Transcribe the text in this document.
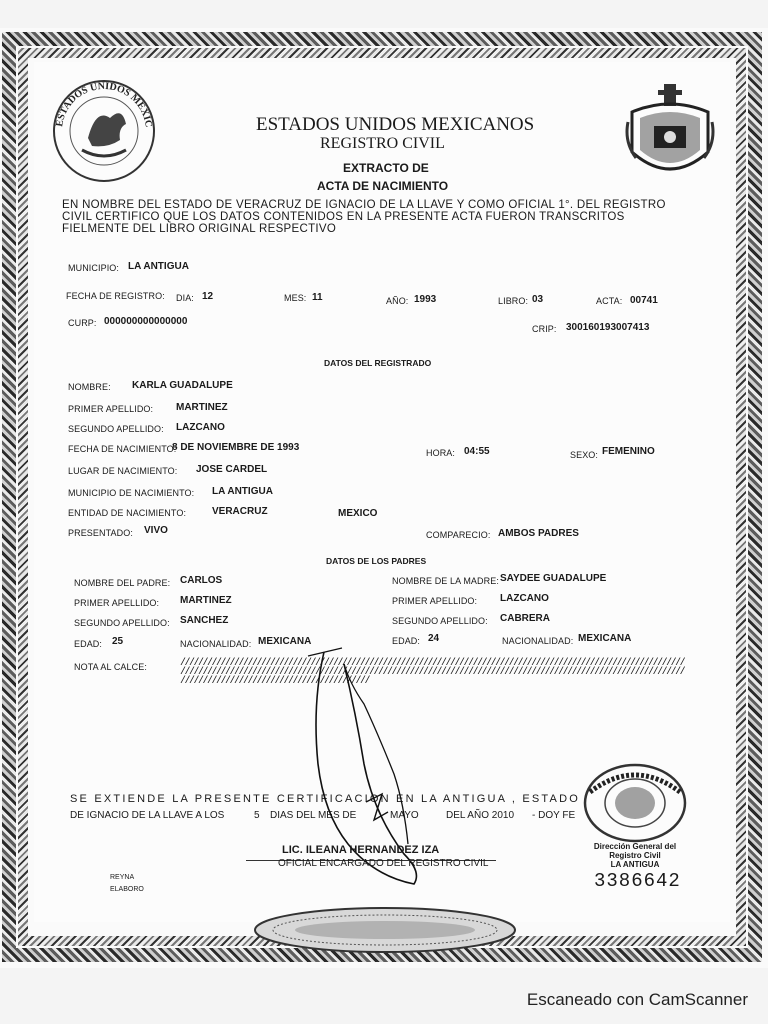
ESTADOS UNIDOS MEXIC	ESTADOS UNIDOS MEXICANOS
REGISTRO CIVIL
EXTRACTO DE
ACTA DE NACIMIENTO
EN NOMBRE DEL ESTADO DE VERACRUZ DE IGNACIO DE LA LLAVE Y COMO OFICIAL 1°. DEL REGISTRO
CIVIL CERTIFICO QUE LOS DATOS CONTENIDOS EN LA PRESENTE ACTA FUERON TRANSCRITOS
FIELMENTE DEL LIBRO ORIGINAL RESPECTIVO
MUNICIPIO: LA ANTIGUA
FECHA DE REGISTRO: DIA: 12	MES: 11	AÑO: 1993	LIBRO: 03	ACTA: 00741
CURP: 000000000000000
CRIP: 300160193007413
DATOS DEL REGISTRADO
NOMBRE: KARLA GUADALUPE
PRIMER APELLIDO: MARTINEZ
SEGUNDO APELLIDO: LAZCANO
FECHA DE NACIMIENTO:
8 DE NOVIEMBRE DE 1993	HORA: 04:55	SEXO: FEMENINO
LUGAR DE NACIMIENTO: JOSE CARDEL
MUNICIPIO DE NACIMIENTO: LA ANTIGUA
ENTIDAD DE NACIMIENTO:	VERACRUZ	MEXICO
PRESENTADO: VIVO	COMPARECIO: AMBOS PADRES
DATOS DE LOS PADRES
NOMBRE DEL PADRE: CARLOS
PRIMER APELLIDO: MARTINEZ
SEGUNDO APELLIDO: SANCHEZ
EDAD: 25	NACIONALIDAD: MEXICANA
NOMBRE DE LA MADRE: SAYDEE GUADALUPE
PRIMER APELLIDO: LAZCANO
SEGUNDO APELLIDO: CABRERA
EDAD: 24	NACIONALIDAD: MEXICANA
NOTA AL CALCE:	////////////////////////////////////////////////////////////////////////////////////////////////////////////////
////////////////////////////////////////////////////////////////////////////////////////////////////////////////
//////////////////////////////////////////
SE EXTIENDE LA PRESENTE CERTIFICACION EN LA ANTIGUA , ESTADO
DE IGNACIO DE LA LLAVE A LOS	5 DIAS DEL MES DE	MAYO	DEL AÑO 2010 - DOY FE
Dirección General del
Registro Civil
LA ANTIGUA
LIC. ILEANA HERNANDEZ IZA
OFICIAL ENCARGADO DEL REGISTRO CIVIL
REYNA
ELABORO	3386642
Escaneado con CamScanner
